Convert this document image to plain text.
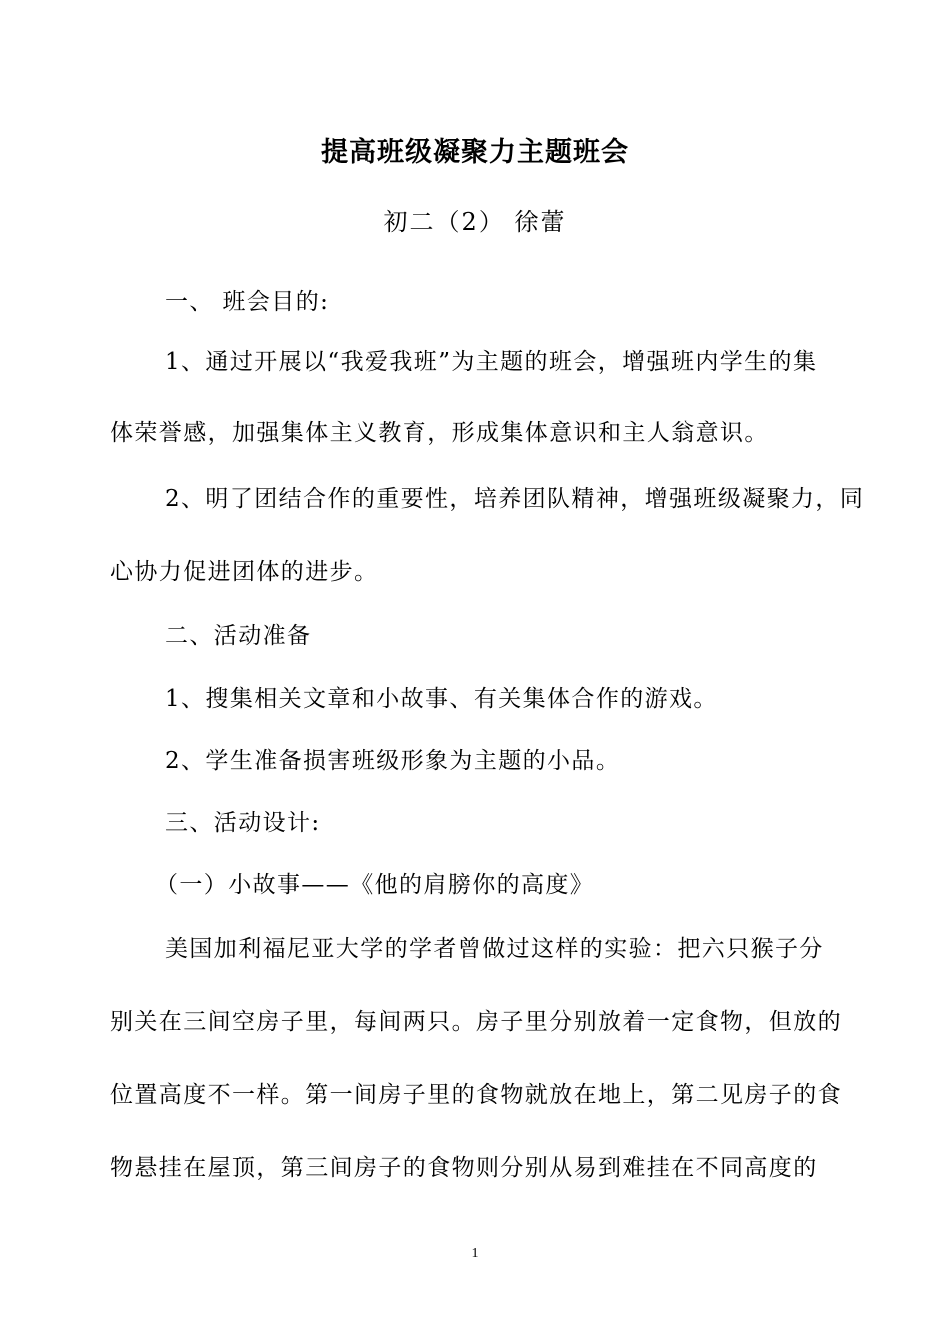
提高班级凝聚力主题班会
初二（2） 徐蕾
一、 班会目的:
1、通过开展以“我爱我班”为主题的班会，增强班内学生的集
体荣誉感，加强集体主义教育，形成集体意识和主人翁意识。
2、明了团结合作的重要性，培养团队精神，增强班级凝聚力，同
心协力促进团体的进步。
二、活动准备
1、搜集相关文章和小故事、有关集体合作的游戏。
2、学生准备损害班级形象为主题的小品。
三、活动设计:
（一）小故事——《他的肩膀你的高度》
美国加利福尼亚大学的学者曾做过这样的实验：把六只猴子分
别关在三间空房子里，每间两只。房子里分别放着一定食物，但放的
位置高度不一样。第一间房子里的食物就放在地上，第二见房子的食
物悬挂在屋顶，第三间房子的食物则分别从易到难挂在不同高度的
1
